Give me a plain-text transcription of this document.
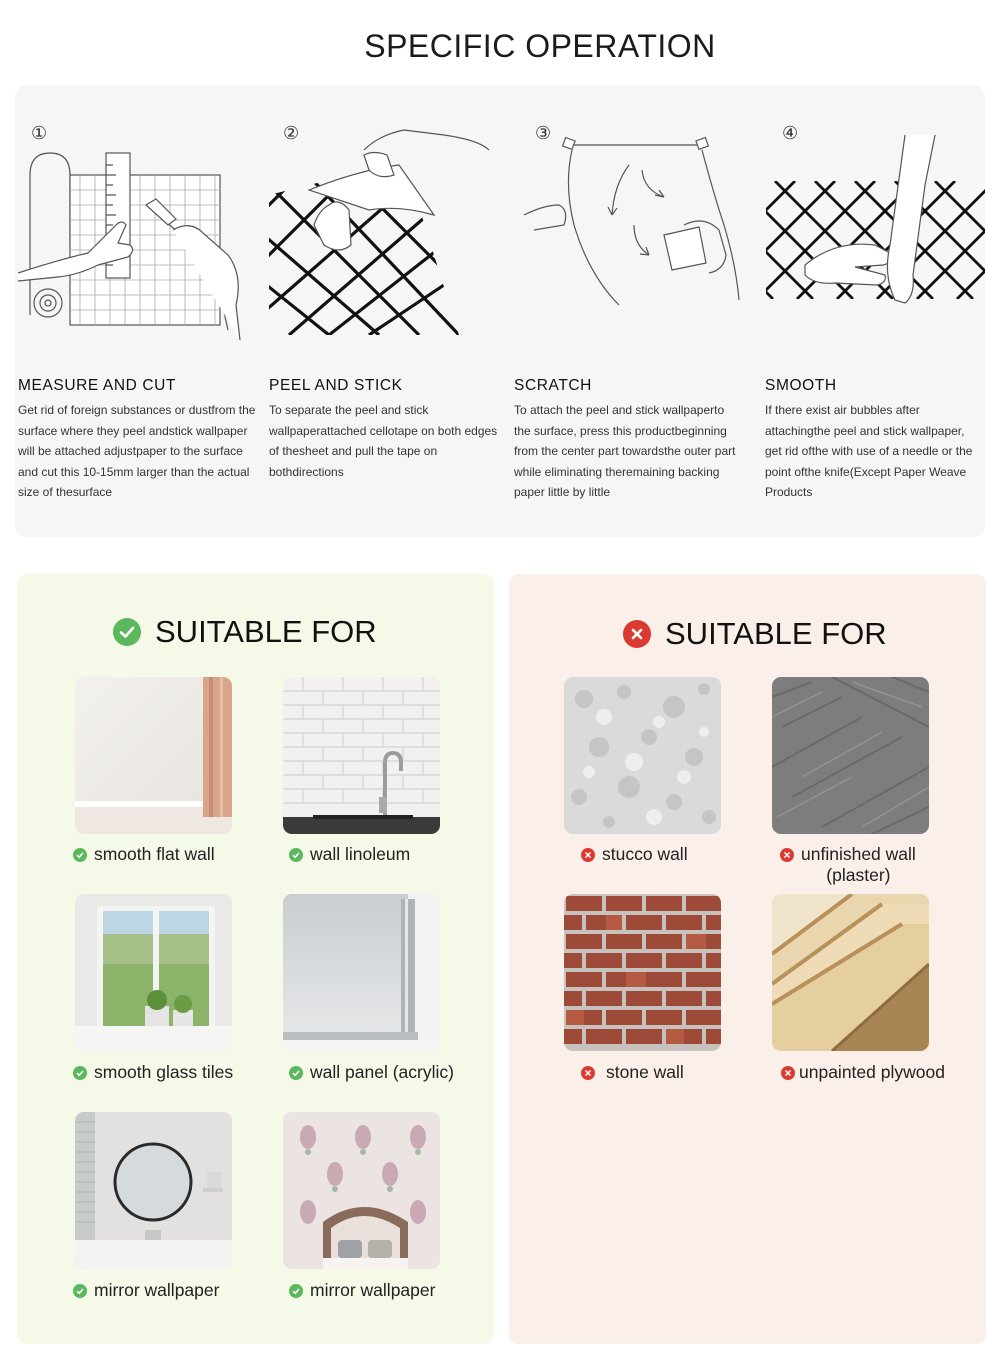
SPECIFIC OPERATION
①
MEASURE AND CUT
Get rid of foreign substances or dustfrom the
surface where they peel andstick wallpaper
will be attached adjustpaper to the surface
and cut this 10-15mm larger than the actual
size of thesurface
②
PEEL AND STICK
To separate the peel and stick
wallpaperattached cellotape on both edges
of thesheet and pull the tape on
bothdirections
③
SCRATCH
To attach the peel and stick wallpaperto
the surface, press this productbeginning
from the center part towardsthe outer part
while eliminating theremaining backing
paper little by little
④
SMOOTH
If there exist air bubbles after
attachingthe peel and stick wallpaper,
get rid ofthe with use of a needle or the
point ofthe knife(Except Paper Weave
Products
SUITABLE FOR
smooth flat wall	wall linoleum
smooth glass tiles	wall panel (acrylic)
mirror wallpaper	mirror wallpaper
SUITABLE FOR
stucco wall	unfinished wall
(plaster)
stone wall	unpainted plywood
